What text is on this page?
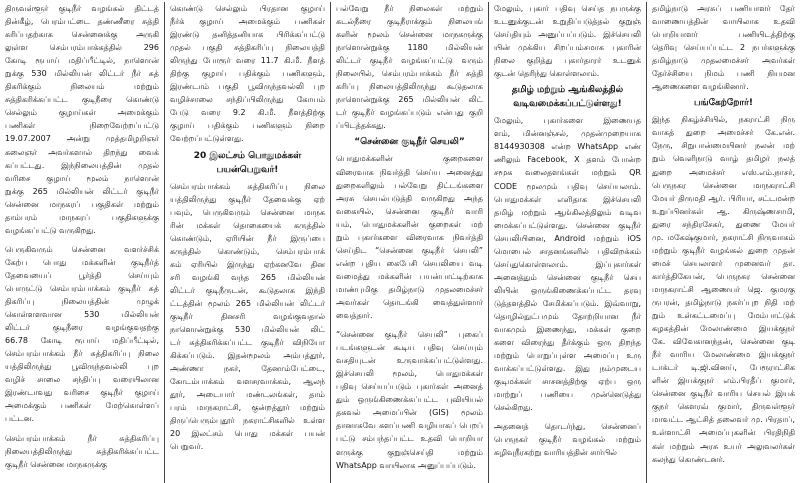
திருவள்ளூர் குடிநீர் வழங்கல் திட்டத்
தின்கீழ், பெரம்பட்டை தண்ணீரை சுத்தி
கரிப்பதற்காக சென்னைக்கு அருகி
லுள்ள செம்பரம்பாக்கத்தில் 296
கோடி ரூபாய் மதிப்பீட்டில், நாளொன்
றுக்கு 530 மில்லியன் லிட்டர் நீர் சுத்
திகரிக்கும் நிலையம் மற்றும்
சுத்திகரிக்கப்பட்ட குடிநீரை கொண்டு
செல்லும் குழாய்கள் அமைக்கும்
பணிகள் நிறைவேற்றப்பட்டு
19.07.2007 அன்று முத்தமிழறிஞர்
கலைஞர் அவர்களால் திறந்து வைக்
கப்பட்டது. இந்நிலையத்தின் முதல்
வரிசை குழாய் மூலம் நாளொன்
றுக்கு 265 மில்லியன் லிட்டர் குடிநீர்
சென்னை மாநகரப் பகுதிகள் மற்றும்
தாம்பரம் மாநகரப் பகுதிகளுக்கு
வழங்கப்பட்டு வருகிறது.
பெருகிவரும் சென்னை வளர்ச்சிக்
கேற்ப பொது மக்களின் குடிநீர்த்
தேவையைப் பூர்த்தி செய்யும்
பொருட்டு செம்பரம்பாக்கம் குடிநீர் சுத்
திகரிப்பு நிலையத்தின் முழுக்
கொள்ளளவான 530 மில்லியன்
லிட்டர் குடிநீரை வழங்குவதற்கு
66.78 கோடி ரூபாய் மதிப்பீட்டில்,
செம்பரம்பாக்கம் நீர் சுத்திகரிப்பு நிலை
யத்திலிருந்து பூவிருந்தவல்லி புற
வழிச் சாலை சந்திப்பு வரையிலான
இரண்டாவது வரிசை குடிநீர் குழாய்
அமைக்கும் பணிகள் மேற்கொள்ளப்
பட்டன.
செம்பரம்பாக்கம் நீர் சுத்திகரிப்பு
நிலையத்திலிருந்து சுத்திகரிக்கப்பட்ட
குடிநீர் சென்னை மாநகருக்கு
கொண்டு செல்லும் பிரதான குழாய்
நீர்க் குழாய் அமைக்கும் பணிகள்
இரண்டு தனித்தனியாக பிரிக்கப்பட்டு
முதல் பகுதி சுத்திகரிப்பு நிலையத்தி
லிருந்து போரூர் வரை 11.7 கி.மீ. நீளத்
திற்கு குழாய் பதிக்கும் பணிகளும்,
இரண்டாம் பகுதி பூவிருந்தவல்லி புற
வழிச்சாலை சந்திப்பிலிருந்து கோயம்
பேடு வரை 9.2 கி.மீ. நீளத்திற்கு
குழாய் பதிக்கும் பணிகளும் நிறை
வேற்றப்பட்டுள்ளது.
20 இலட்சம் பொதுமக்கள்
பயன்பெறுவர்!
செம்பரம்பாக்கம் சுத்திகரிப்பு நிலை
யத்திலிருந்து குடிநீர் தேவைக்கு ஏற்
பவும், பெருகிவரும் சென்னை மாநக
ரின் மக்கள் தொகையைக் கருத்தில்
கொண்டும், ஏரியின் நீர் இருப்பை
கருத்தில் கொண்டும், செம்பரம்பாக்
கம் ஏரியில் இருந்து ஏற்கனவே தின
சரி வழங்கி வந்த 265 மில்லியன்
லிட்டர் குடிநீருடன், கூடுதலாக இந்தி
ட்டத்தின் மூலம் 265 மில்லியன் லிட்டர்
குடிநீர் தினசரி வழங்குவதால்
நாளொன்றுக்கு 530 மில்லியன் லிட்
டர் சுத்திகரிக்கப்பட்ட குடிநீர் விநியோ
கிக்கப்படும். இதன்மூலம் அம்பத்தூர்,
அண்ணா நகர், தேனாம்பேட்டை,
கோடம்பாக்கம் வளசரவாக்கம், ஆலந்
தூர், அடையார் மண்டலங்கள், தாம்
பரம் மாநகராட்சி, குன்றத்தூர் மற்றும்
திருப்பெரும்புதூர் நகராட்சிகளில் உள்ள
20 இலட்சம் பொது மக்கள் பயன்
பெறுவர்.
பல்வேறு நீர் நிலைகள் மற்றும்
கடல்நீரை குடிநீராக்கும் நிலையங்
களின் மூலம் சென்னை மாநகருக்கு
நாளொன்றுக்கு 1180 மில்லியன்
லிட்டர் குடிநீர் வழங்கப்பட்டு வரும்
நிலையில், செம்பரம்பாக்கம் நீர் சுத்தி
கரிப்பு நிலையத்திலிருந்து கூடுதலாக
நாளொன்றுக்கு 265 மில்லியன் லிட்
டர் குடிநீர் வழங்கப்படும் என்பது குறி
ப்பிடத்தக்கது.
“சென்னை குடிநீர் செயலி”
பொதுமக்களின் குறைகளை
விரைவாக நிவர்த்தி செய்ய அனைத்து
துறைகளிலும் பல்வேறு திட்டங்களை
அரசு செயல்படுத்தி வருகிறது அந்த
வகையில், சென்னை குடிநீர் வாரி
யம், பொதுமக்களின் குறைகள் மற்
றும் புகார்களை விரைவாக நிவர்த்தி
செய்திட “சென்னை குடிநீர் செயலி”
என்ற புதிய கைபேசி செயலியை வடி
வமைத்து மக்களின் பயன்பாட்டிற்காக
மாண்புமிகு தமிழ்நாடு முதலமைச்சர்
அவர்கள் தொடங்கி வைத்துள்ளார்
வைத்தார்.
“சென்னை குடிநீர் செயலி” புகைப்
படங்களுடன் கூடிய பதிவு செய்யும்
வசதியுடன் உருவாக்கப்பட்டுள்ளது.
இச்செயலி மூலம், பொதுமக்கள்
பதிவு செய்யப்படும் புகார்கள் அனைத்
தும் ஒருங்கிணைக்கப்பட்ட புவியியல்
தகவல் அமைப்பின் (GIS) மூலம்
தானாகவே களப்பணி வழியாகப் பெறப்
பட்டு சம்பந்தப்பட்ட உதவி பொறியா
ளருக்கு குறுஞ்செய்தி மற்றும்
WhatsApp வாயிலாக அனுப்பப்படும்.
மேலும், புகார் பதிவு செய்த நபருக்கு
உடனுக்குடன் உறுதிப்படுத்தல் குறுஞ்
செய்தியும் அனுப்பப்படும். இச்செயலி
யின் முக்கிய சிறப்பம்சமாக புகாரின்
நிலை குறித்து புகார்தாரர் உடனுக்
குடன் தெரிந்து கொள்ளலாம்.
தமிழ் மற்றும் ஆங்கிலத்தில்
வடிவமைக்கப்பட்டுள்ளது!
மேலும், புகார்களை இணையத
ளம், மின்னஞ்சல், முதன்முறையாக
8144930308 என்ற WhatsApp எண்
ணிலும் Facebook, X தளம் போன்ற
சமூக வலைதளங்கள் மற்றும் QR
CODE மூலமும் பதிவு செய்யலாம்.
பொதுமக்கள் எளிதாக இச்செயலி
தமிழ் மற்றும் ஆங்கிலத்திலும் வடிவ
மைக்கப்பட்டுள்ளது. சென்னை குடிநீர்
செயலியினை, Android மற்றும் iOS
மொபைல் சாதனங்களில் பதிவிறக்கம்
செய்துகொள்ளலாம். இப்புகார்கள்
அனைத்தும் சென்னை குடிநீர் செய
லியின் ஒருங்கிணைக்கப்பட்ட தரவு
டுத்தளத்தில் சேமிக்கப்படும். இவ்வாறு,
தொழில்நுட்பமும் தோற்றியான நீர்
வாகமும் இணைந்து, மக்கள் குறை
களை விரைந்து தீர்க்கும் ஒரு திறந்த
மற்றும் பொறுப்புள்ள அமைப்பு உரு
வாக்கப்பட்டுள்ளது. இது நம்முடைய
குடிமக்கள் சாசனத்திற்கு ஏற்ப ஒரு
மாற்றுப் பணியை முன்னெடுத்து
செல்கிறது.
அதனைத் தொடர்ந்து, சென்னைப்
பெருநகர் குடிநீர் வழங்கல் மற்றும்
கழிவுநீரகற்று வாரியத்தின் சார்பில்
தமிழ்நாடு அரசுப் பணியாளர் தேர்
வாணையத்தின் வாயிலாக உதவி
பொறியாளர் பணியிடத்திற்கு
தெரிவு செய்யப்பட்ட 2 நபர்களுக்கு
தமிழ்நாடு முதலமைச்சர் அவர்கள்
தேர்ச்சியை நிமம் பணி நியமன
ஆணைகளை வழங்கினார்.
பங்கேற்றோர்!
இந்த நிகழ்ச்சியில், நகராட்சி நிரு
வாகத் துறை அமைச்சர் கே.என்.
நேரு, சிறுபான்மையினர் நலன் மற்
றும் வெளிநாடு வாழ் தமிழர் நலத்
துறை அமைச்சர் எஸ்.எம்.நாசர்,
பெருநகர சென்னை மாநகராட்சி
மேயர் திருமதி ஆர். பிரியா, சட்டமன்ற
உறுப்பினர்கள் ஆ. கிருஷ்ணசாமி,
துரை சந்திரசேகர், துணை மேயர்
மு. மகேஷ்குமார், நகராட்சி நிருவாகம்
மற்றும் குடிநீர் வழங்கல் துறை முதன்
மைச் செயலாளர் முனைவர் தா.
கார்த்திகேயன், பெருநகர சென்னை
மாநகராட்சி ஆணையர் ஜெ. குமரகு
ருபரன், தமிழ்நாடு நகர்ப்புற நிதி மற்
றும் உள்கட்டமைப்பு மேம்பாட்டுக்
கழகத்தின் மேலாண்மை இயக்குநர்
கே. விவேகானந்தன், சென்னை குடி
நீர் வாரிய மேலாண்மை இயக்குநர்
டாக்டர் டி.ஜி.வினய், பேரூராட்சிக
ளின் இயக்குநர் எம்.பிரதீப் குமார்,
சென்னை குடிநீர் வாரிய செயல் இயக்
குநர் கௌரவ் குமார், திருவள்ளூர்
மாவட்ட ஆட்சித் தலைவர் மு. பிரதாப்,
உள்ளாட்சி அமைப்புகளின் பிரதிநிதி
கள் மற்றும் அரசு உயர் அலுவலர்கள்
கலந்து கொண்டனர்.
